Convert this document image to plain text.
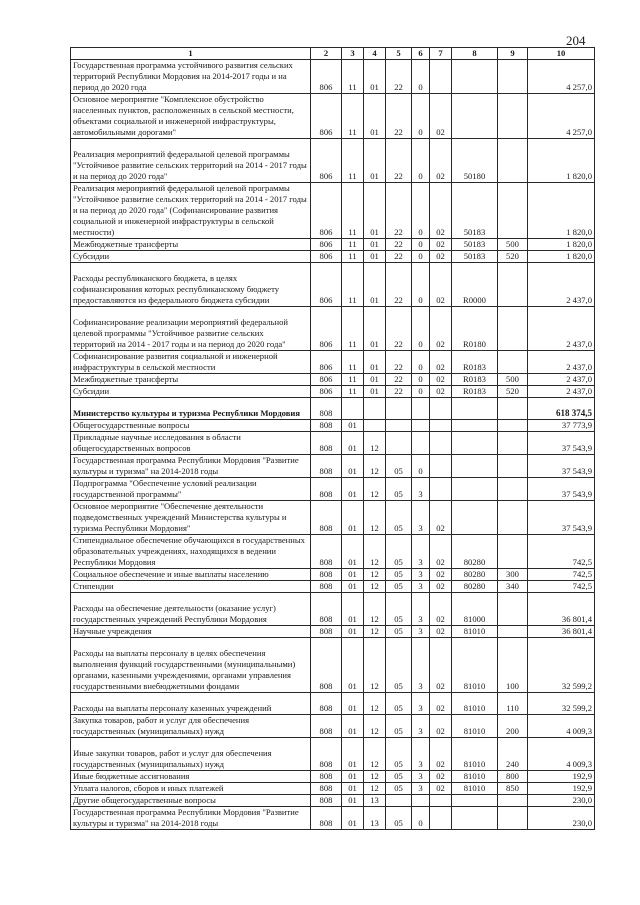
204
1	2	3	4	5	6	7	8	9	10
Государственная программа устойчивого развития сельских территорий Республики Мордовия на 2014-2017 годы и на период до 2020 года	806	11	01	22	0				4 257,0
Основное мероприятие "Комплексное обустройство населенных пунктов, расположенных в сельской местности, объектами социальной и инженерной инфраструктуры, автомобильными дорогами"	806	11	01	22	0	02			4 257,0
Реализация мероприятий федеральной целевой программы "Устойчивое развитие сельских территорий на 2014 - 2017 годы и на период до 2020 года"	806	11	01	22	0	02	50180		1 820,0
Реализация мероприятий федеральной целевой программы "Устойчивое развитие сельских территорий на 2014 - 2017 годы и на период до 2020 года" (Софинансирование развития социальной и инженерной инфраструктуры в сельской местности)	806	11	01	22	0	02	50183		1 820,0
Межбюджетные трансферты	806	11	01	22	0	02	50183	500	1 820,0
Субсидии	806	11	01	22	0	02	50183	520	1 820,0
Расходы республиканского бюджета, в целях софинансирования которых республиканскому бюджету предоставляются из федерального бюджета субсидии	806	11	01	22	0	02	R0000		2 437,0
Софинансирование реализации мероприятий федеральной целевой программы "Устойчивое развитие сельских территорий на 2014 - 2017 годы и на период до 2020 года"	806	11	01	22	0	02	R0180		2 437,0
Софинансирование развития социальной и инженерной инфраструктуры в сельской местности	806	11	01	22	0	02	R0183		2 437,0
Межбюджетные трансферты	806	11	01	22	0	02	R0183	500	2 437,0
Субсидии	806	11	01	22	0	02	R0183	520	2 437,0
Министерство культуры и туризма Республики Мордовия	808								618 374,5
Общегосударственные вопросы	808	01							37 773,9
Прикладные научные исследования в области общегосударственных вопросов	808	01	12						37 543,9
Государственная программа Республики Мордовия "Развитие культуры и туризма" на 2014-2018 годы	808	01	12	05	0				37 543,9
Подпрограмма "Обеспечение условий реализации государственной программы"	808	01	12	05	3				37 543,9
Основное мероприятие "Обеспечение деятельности подведомственных учреждений Министерства культуры и туризма Республики Мордовия"	808	01	12	05	3	02			37 543,9
Стипендиальное обеспечение обучающихся в государственных образовательных учреждениях, находящихся в ведении Республики Мордовия	808	01	12	05	3	02	80280		742,5
Социальное обеспечение и иные выплаты населению	808	01	12	05	3	02	80280	300	742,5
Стипендии	808	01	12	05	3	02	80280	340	742,5
Расходы на обеспечение деятельности (оказание услуг) государственных учреждений Республики Мордовия	808	01	12	05	3	02	81000		36 801,4
Научные учреждения	808	01	12	05	3	02	81010		36 801,4
Расходы на выплаты персоналу в целях обеспечения выполнения функций государственными (муниципальными) органами, казенными учреждениями, органами управления государственными внебюджетными фондами	808	01	12	05	3	02	81010	100	32 599,2
Расходы на выплаты персоналу казенных учреждений	808	01	12	05	3	02	81010	110	32 599,2
Закупка товаров, работ и услуг для обеспечения государственных (муниципальных) нужд	808	01	12	05	3	02	81010	200	4 009,3
Иные закупки товаров, работ и услуг для обеспечения государственных (муниципальных) нужд	808	01	12	05	3	02	81010	240	4 009,3
Иные бюджетные ассигнования	808	01	12	05	3	02	81010	800	192,9
Уплата налогов, сборов и иных платежей	808	01	12	05	3	02	81010	850	192,9
Другие общегосударственные вопросы	808	01	13						230,0
Государственная программа Республики Мордовия "Развитие культуры и туризма" на 2014-2018 годы	808	01	13	05	0				230,0
